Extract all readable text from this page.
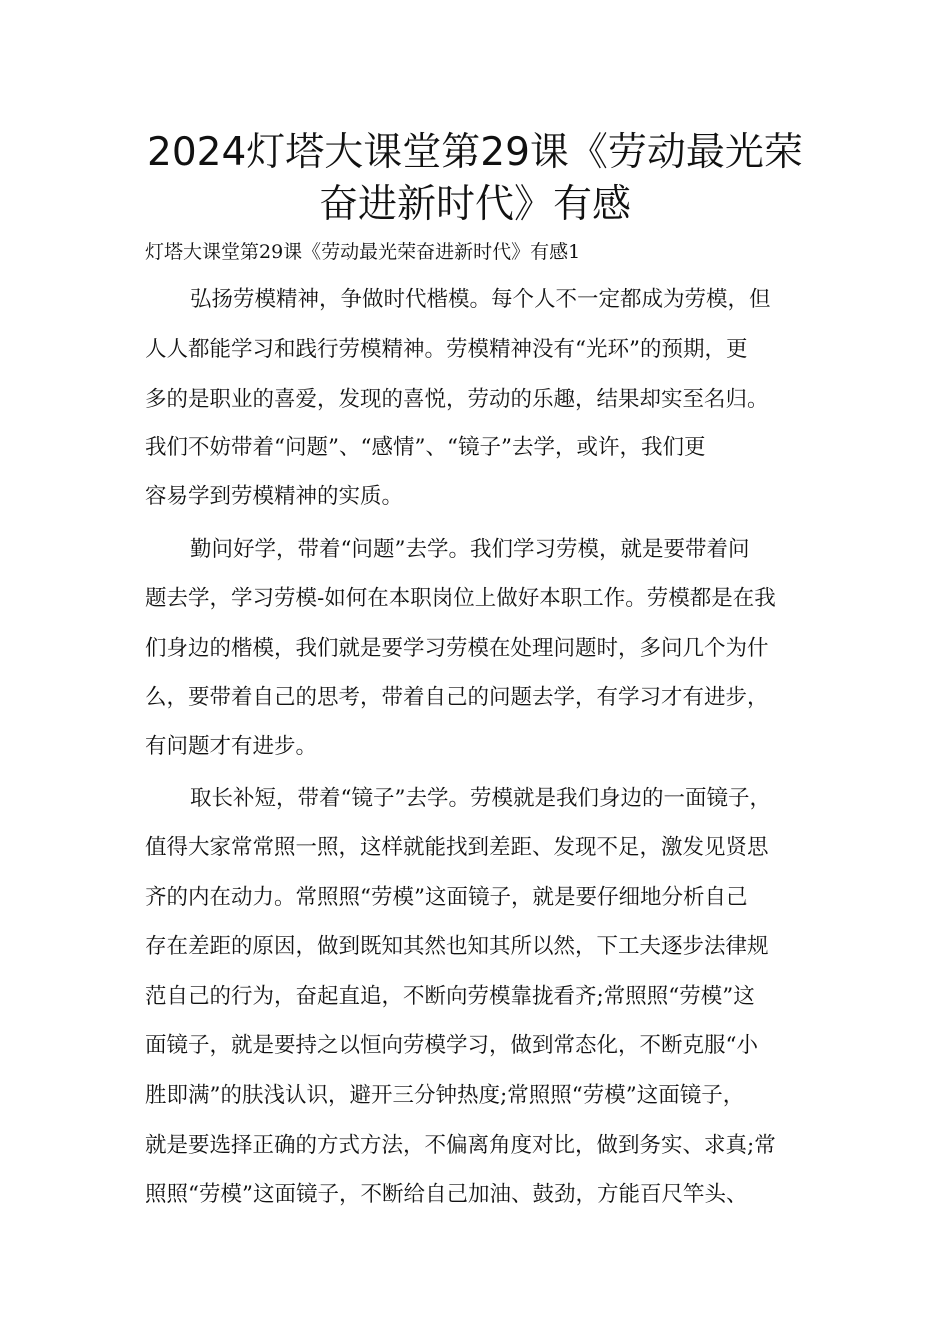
2024灯塔大课堂第29课《劳动最光荣
奋进新时代》有感
灯塔大课堂第29课《劳动最光荣奋进新时代》有感1
弘扬劳模精神，争做时代楷模。每个人不一定都成为劳模，但
人人都能学习和践行劳模精神。劳模精神没有“光环”的预期，更
多的是职业的喜爱，发现的喜悦，劳动的乐趣，结果却实至名归。
我们不妨带着“问题”、“感情”、“镜子”去学，或许，我们更
容易学到劳模精神的实质。
勤问好学，带着“问题”去学。我们学习劳模，就是要带着问
题去学，学习劳模-如何在本职岗位上做好本职工作。劳模都是在我
们身边的楷模，我们就是要学习劳模在处理问题时，多问几个为什
么，要带着自己的思考，带着自己的问题去学，有学习才有进步，
有问题才有进步。
取长补短，带着“镜子”去学。劳模就是我们身边的一面镜子，
值得大家常常照一照，这样就能找到差距、发现不足，激发见贤思
齐的内在动力。常照照“劳模”这面镜子，就是要仔细地分析自己
存在差距的原因，做到既知其然也知其所以然，下工夫逐步法律规
范自己的行为，奋起直追，不断向劳模靠拢看齐;常照照“劳模”这
面镜子，就是要持之以恒向劳模学习，做到常态化，不断克服“小
胜即满”的肤浅认识，避开三分钟热度;常照照“劳模”这面镜子，
就是要选择正确的方式方法，不偏离角度对比，做到务实、求真;常
照照“劳模”这面镜子，不断给自己加油、鼓劲，方能百尺竿头、
